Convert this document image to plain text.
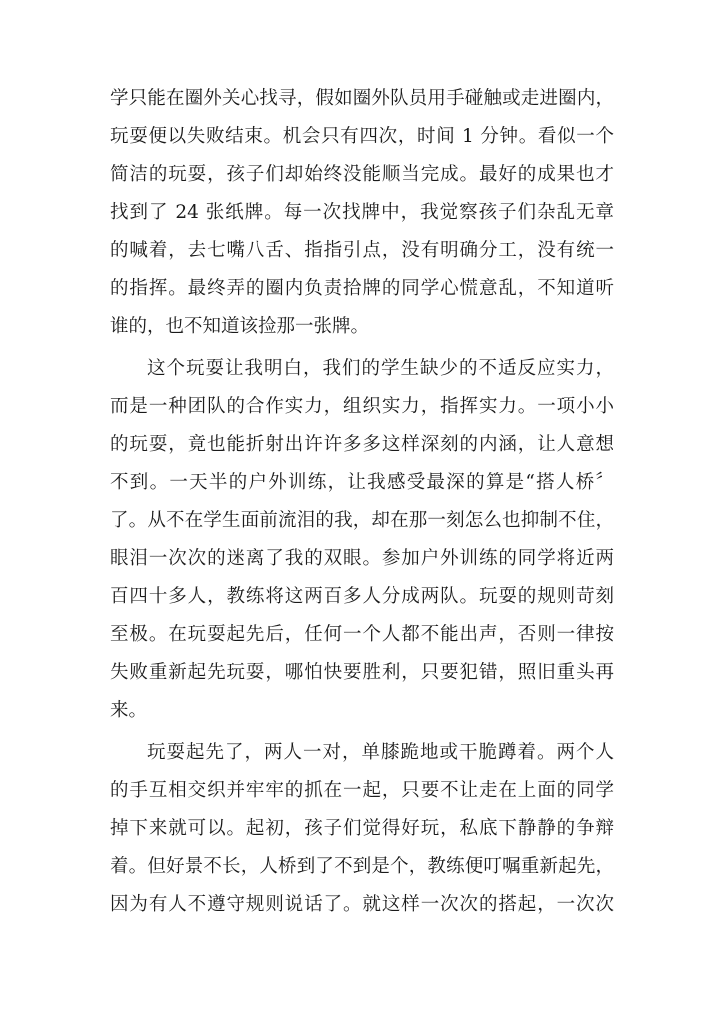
学只能在圈外关心找寻，假如圈外队员用手碰触或走进圈内，
玩耍便以失败结束。机会只有四次，时间 1 分钟。看似一个
简洁的玩耍，孩子们却始终没能顺当完成。最好的成果也才
找到了 24 张纸牌。每一次找牌中，我觉察孩子们杂乱无章
的喊着，去七嘴八舌、指指引点，没有明确分工，没有统一
的指挥。最终弄的圈内负责拾牌的同学心慌意乱，不知道听
谁的，也不知道该捡那一张牌。
这个玩耍让我明白，我们的学生缺少的不适反应实力，
而是一种团队的合作实力，组织实力，指挥实力。一项小小
的玩耍，竟也能折射出许许多多这样深刻的内涵，让人意想
不到。一天半的户外训练，让我感受最深的算是“搭人桥〞
了。从不在学生面前流泪的我，却在那一刻怎么也抑制不住，
眼泪一次次的迷离了我的双眼。参加户外训练的同学将近两
百四十多人，教练将这两百多人分成两队。玩耍的规则苛刻
至极。在玩耍起先后，任何一个人都不能出声，否则一律按
失败重新起先玩耍，哪怕快要胜利，只要犯错，照旧重头再
来。
玩耍起先了，两人一对，单膝跪地或干脆蹲着。两个人
的手互相交织并牢牢的抓在一起，只要不让走在上面的同学
掉下来就可以。起初，孩子们觉得好玩，私底下静静的争辩
着。但好景不长，人桥到了不到是个，教练便叮嘱重新起先，
因为有人不遵守规则说话了。就这样一次次的搭起，一次次
